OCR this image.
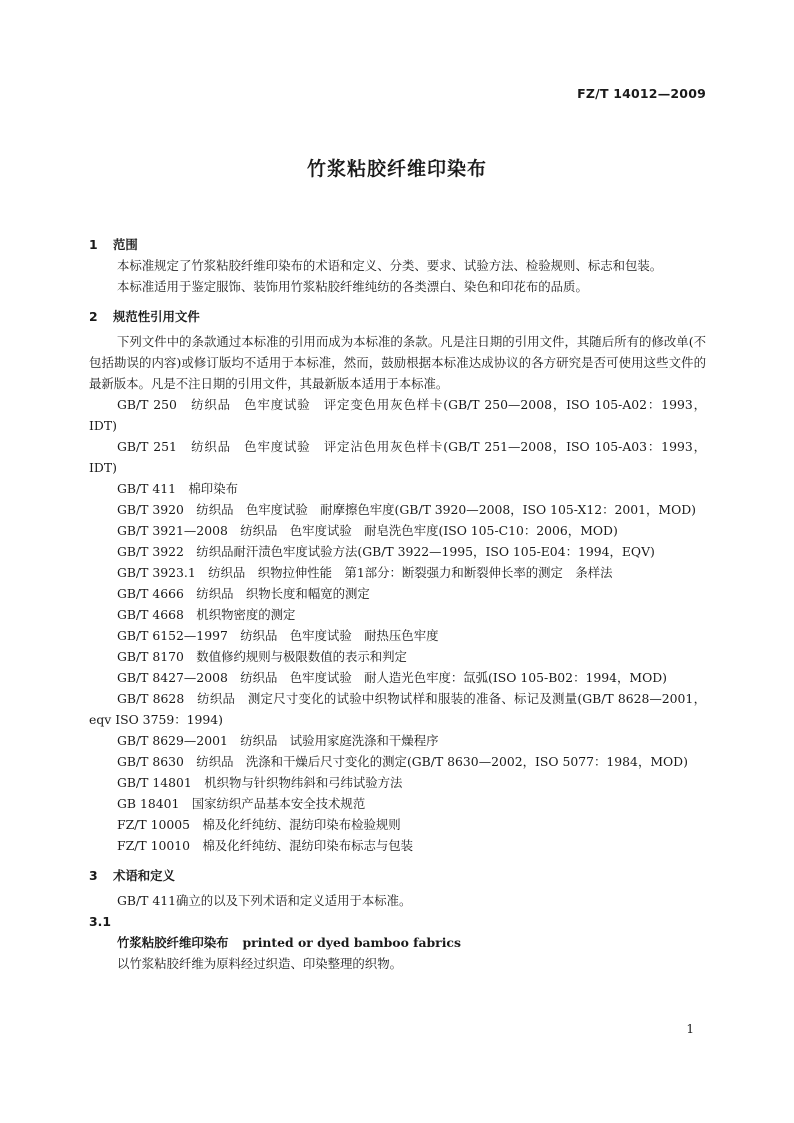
FZ/T 14012—2009
竹浆粘胶纤维印染布
1 范围

本标准规定了竹浆粘胶纤维印染布的术语和定义、分类、要求、试验方法、检验规则、标志和包装。

本标准适用于鉴定服饰、装饰用竹浆粘胶纤维纯纺的各类漂白、染色和印花布的品质。

2 规范性引用文件

下列文件中的条款通过本标准的引用而成为本标准的条款。凡是注日期的引用文件，其随后所有的修改单(不包括勘误的内容)或修订版均不适用于本标准，然而，鼓励根据本标准达成协议的各方研究是否可使用这些文件的最新版本。凡是不注日期的引用文件，其最新版本适用于本标准。

GB/T 250　纺织品　色牢度试验　评定变色用灰色样卡(GB/T 250—2008，ISO 105-A02：1993，IDT)

GB/T 251　纺织品　色牢度试验　评定沾色用灰色样卡(GB/T 251—2008，ISO 105-A03：1993，IDT)

GB/T 411　棉印染布

GB/T 3920　纺织品　色牢度试验　耐摩擦色牢度(GB/T 3920—2008，ISO 105-X12：2001，MOD)

GB/T 3921—2008　纺织品　色牢度试验　耐皂洗色牢度(ISO 105-C10：2006，MOD)

GB/T 3922　纺织品耐汗渍色牢度试验方法(GB/T 3922—1995，ISO 105-E04：1994，EQV)

GB/T 3923.1　纺织品　织物拉伸性能　第1部分：断裂强力和断裂伸长率的测定　条样法

GB/T 4666　纺织品　织物长度和幅宽的测定

GB/T 4668　机织物密度的测定

GB/T 6152—1997　纺织品　色牢度试验　耐热压色牢度

GB/T 8170　数值修约规则与极限数值的表示和判定

GB/T 8427—2008　纺织品　色牢度试验　耐人造光色牢度：氙弧(ISO 105-B02：1994，MOD)

GB/T 8628　纺织品　测定尺寸变化的试验中织物试样和服装的准备、标记及测量(GB/T 8628—2001，eqv ISO 3759：1994)

GB/T 8629—2001　纺织品　试验用家庭洗涤和干燥程序

GB/T 8630　纺织品　洗涤和干燥后尺寸变化的测定(GB/T 8630—2002，ISO 5077：1984，MOD)

GB/T 14801　机织物与针织物纬斜和弓纬试验方法

GB 18401　国家纺织产品基本安全技术规范

FZ/T 10005　棉及化纤纯纺、混纺印染布检验规则

FZ/T 10010　棉及化纤纯纺、混纺印染布标志与包装

3 术语和定义

GB/T 411确立的以及下列术语和定义适用于本标准。

3.1

竹浆粘胶纤维印染布 printed or dyed bamboo fabrics

以竹浆粘胶纤维为原料经过织造、印染整理的织物。

1
